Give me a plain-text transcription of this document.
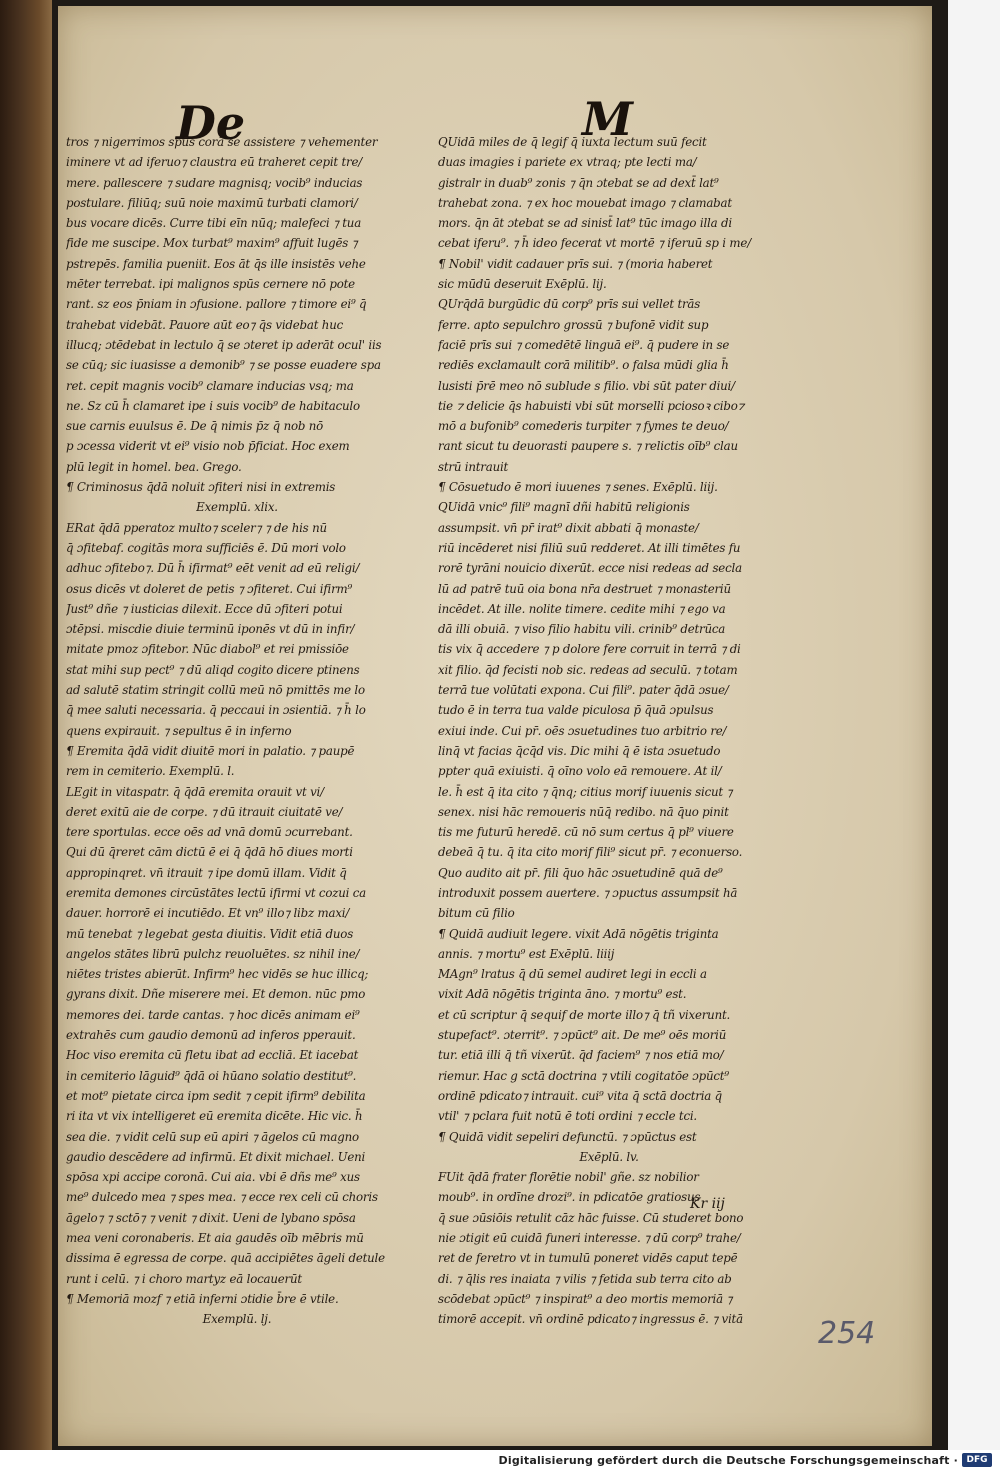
De	M
tros ⁊ nigerrimos spūs corā se assistere ⁊ vehementer
iminere vt ad iferuo⁊ claustra eū traheret cepit tre/
mere. pallescere ⁊ sudare magnisq; vocib⁹ inducias
postulare. filiūq; suū noie maximū turbati clamori/
bus vocare dicēs. Curre tibi eīn nūq; malefeci ⁊ tua
fide me suscipe. Mox turbat⁹ maxim⁹ affuit lugēs ⁊
pstrepēs. familia pueniit. Eos āt q̄s ille insistēs vehe
mēter terrebat. ipi malignos spūs cernere nō pote
rant. sz eos p̄niam in ɔfusione. pallore ⁊ timore ei⁹ q̄
trahebat videbāt. Pauore aūt eo⁊ q̄s videbat huc
illucq; ɔtēdebat in lectulo q̄ se ɔteret ip aderāt ocul' iis
se cūq; sic iuasisse a demonib⁹ ⁊ se posse euadere spa
ret. cepit magnis vocib⁹ clamare inducias vsq; ma
ne. Sz cū h̄ clamaret ipe i suis vocib⁹ de habitaculo
sue carnis euulsus ē. De q̄ nimis p̄z q̄ nob nō
p ɔcessa viderit vt ei⁹ visio nob p̄ficiat. Hoc exem
plū legit in homel. bea. Grego.
¶ Criminosus q̄dā noluit ɔfiteri nisi in extremis
Exemplū. xlix.
ERat q̄dā pperatoz multo⁊ sceler⁊ ⁊ de his nū
q̄ ɔfitebaf. cogitās mora sufficiēs ē. Dū mori volo
adhuc ɔfitebo⁊. Dū h̄ ifirmat⁹ eēt venit ad eū religi/
osus dicēs vt doleret de petis ⁊ ɔfiteret. Cui ifirm⁹
Just⁹ dñe ⁊ iusticias dilexit. Ecce dū ɔfiteri potui
ɔtēpsi. miscdie diuie terminū iponēs vt dū in infir/
mitate pmoz ɔfitebor. Nūc diabol⁹ et rei pmissiōe
stat mihi sup pect⁹ ⁊ dū aliqd cogito dicere ptinens
ad salutē statim stringit collū meū nō pmittēs me lo
q̄ mee saluti necessaria. q̄ peccaui in ɔsientiā. ⁊ h̄ lo
quens expirauit. ⁊ sepultus ē in inferno
¶ Eremita q̄dā vidit diuitē mori in palatio. ⁊ paupē
rem in cemiterio. Exemplū. l.
LEgit in vitaspatr. q̄ q̄dā eremita orauit vt vi/
deret exitū aie de corpe. ⁊ dū itrauit ciuitatē ve/
tere sportulas. ecce oēs ad vnā domū ɔcurrebant.
Qui dū q̄reret cām dictū ē ei q̄ q̄dā hō diues morti
appropinqret. vn̄ itrauit ⁊ ipe domū illam. Vidit q̄
eremita demones circūstātes lectū ifirmi vt cozui ca
dauer. horrorē ei incutiēdo. Et vn⁹ illo⁊ libz maxi/
mū tenebat ⁊ legebat gesta diuitis. Vidit etiā duos
angelos stātes librū pulchz reuoluētes. sz nihil ine/
niētes tristes abierūt. Infirm⁹ hec vidēs se huc illicq;
gyrans dixit. Dñe miserere mei. Et demon. nūc pmo
memores dei. tarde cantas. ⁊ hoc dicēs animam ei⁹
extrahēs cum gaudio demonū ad inferos pperauit.
Hoc viso eremita cū fletu ibat ad eccliā. Et iacebat
in cemiterio lāguid⁹ q̄dā oi hūano solatio destitut⁹.
et mot⁹ pietate circa ipm sedit ⁊ cepit ifirm⁹ debilita
ri ita vt vix intelligeret eū eremita dicēte. Hic vic. h̄
sea die. ⁊ vidit celū sup eū apiri ⁊ āgelos cū magno
gaudio descēdere ad infirmū. Et dixit michael. Ueni
spōsa xpi accipe coronā. Cui aia. vbi ē dñs me⁹ xus
me⁹ dulcedo mea ⁊ spes mea. ⁊ ecce rex celi cū choris
āgelo⁊ ⁊ sctō⁊ ⁊ venit ⁊ dixit. Ueni de lybano spōsa
mea veni coronaberis. Et aia gaudēs oīb mēbris mū
dissima ē egressa de corpe. quā accipiētes āgeli detule
runt i celū. ⁊ i choro martyz eā locauerūt
¶ Memoriā mozf ⁊ etiā inferni ɔtidie b̄re ē vtile.
Exemplū. lj.
QUidā miles de q̄ legif q̄ iuxta lectum suū fecit
duas imagies i pariete ex vtraq; pte lecti ma/
gistralr in duab⁹ zonis ⁊ q̄n ɔtebat se ad dext̄ lat⁹
trahebat zona. ⁊ ex hoc mouebat imago ⁊ clamabat
mors. q̄n āt ɔtebat se ad sinist̄ lat⁹ tūc imago illa di
cebat iferu⁹. ⁊ h̄ ideo fecerat vt mortē ⁊ iferuū sp i me/
¶ Nobil' vidit cadauer prīs sui. ⁊ (moria haberet
sic mūdū deseruit Exēplū. lij.
QUrq̄dā burgūdic dū corp⁹ prīs sui vellet trās
ferre. apto sepulchro grossū ⁊ bufonē vidit sup
faciē prīs sui ⁊ comedētē linguā ei⁹. q̄ pudere in se
rediēs exclamault corā militib⁹. o falsa mūdi glia h̄
lusisti p̄rē meo nō sublude s filio. vbi sūt pater diui/
tie ⁊ delicie q̄s habuisti vbi sūt morselli pciosoꝛ cibo⁊
mō a bufonib⁹ comederis turpiter ⁊ fymes te deuo/
rant sicut tu deuorasti paupere s. ⁊ relictis oīb⁹ clau
strū intrauit
¶ Cōsuetudo ē mori iuuenes ⁊ senes. Exēplū. liij.
QUidā vnic⁹ fili⁹ magnī dñi habitū religionis
assumpsit. vn̄ pr̄ irat⁹ dixit abbati q̄ monaste/
riū incēderet nisi filiū suū redderet. At illi timētes fu
rorē tyrāni nouicio dixerūt. ecce nisi redeas ad secla
lū ad patrē tuū oia bona nr̄a destruet ⁊ monasteriū
incēdet. At ille. nolite timere. cedite mihi ⁊ ego va
dā illi obuiā. ⁊ viso filio habitu vili. crinib⁹ detrūca
tis vix q̄ accedere ⁊ p dolore fere corruit in terrā ⁊ di
xit filio. q̄d fecisti nob sic. redeas ad seculū. ⁊ totam
terrā tue volūtati expona. Cui fili⁹. pater q̄dā ɔsue/
tudo ē in terra tua valde piculosa p̄ q̄uā ɔpulsus
exiui inde. Cui pr̄. oēs ɔsuetudines tuo arbitrio re/
linq̄ vt facias q̄cq̄d vis. Dic mihi q̄ ē ista ɔsuetudo
ppter quā exiuisti. q̄ oīno volo eā remouere. At il/
le. h̄ est q̄ ita cito ⁊ q̄nq; citius morif iuuenis sicut ⁊
senex. nisi hāc remoueris nūq̄ redibo. nā q̄uo pinit
tis me futurū heredē. cū nō sum certus q̄ pl⁹ viuere
debeā q̄ tu. q̄ ita cito morif fili⁹ sicut pr̄. ⁊ econuerso.
Quo audito ait pr̄. fili q̄uo hāc ɔsuetudinē quā de⁹
introduxit possem auertere. ⁊ ɔpuctus assumpsit hā
bitum cū filio
¶ Quidā audiuit legere. vixit Adā nōgētis triginta
annis. ⁊ mortu⁹ est Exēplū. liiij
MAgn⁹ lratus q̄ dū semel audiret legi in eccli a
vixit Adā nōgētis triginta āno. ⁊ mortu⁹ est.
et cū scriptur q̄ sequif de morte illo⁊ q̄ tñ vixerunt.
stupefact⁹. ɔterrit⁹. ⁊ ɔpūct⁹ ait. De me⁹ oēs moriū
tur. etiā illi q̄ tñ vixerūt. q̄d faciem⁹ ⁊ nos etiā mo/
riemur. Hac g sctā doctrina ⁊ vtili cogitatōe ɔpūct⁹
ordinē pdicato⁊ intrauit. cui⁹ vita q̄ sctā doctria q̄
vtil' ⁊ pclara fuit notū ē toti ordini ⁊ eccle tci.
¶ Quidā vidit sepeliri defunctū. ⁊ ɔpūctus est
Exēplū. lv.
FUit q̄dā frater florētie nobil' gñe. sz nobilior
moub⁹. in ordīne drozi⁹. in pdicatōe gratiosus
q̄ sue ɔūsiōis retulit cāz hāc fuisse. Cū studeret bono
nie ɔtigit eū cuidā funeri interesse. ⁊ dū corp⁹ trahe/
ret de feretro vt in tumulū poneret vidēs caput tepē
di. ⁊ q̄lis res inaiata ⁊ vilis ⁊ fetida sub terra cito ab
scōdebat ɔpūct⁹ ⁊ inspirat⁹ a deo mortis memoriā ⁊
timorē accepit. vn̄ ordinē pdicato⁊ ingressus ē. ⁊ vitā
Kr iij
254
Digitalisierung gefördert durch die Deutsche Forschungsgemeinschaft · DFG
